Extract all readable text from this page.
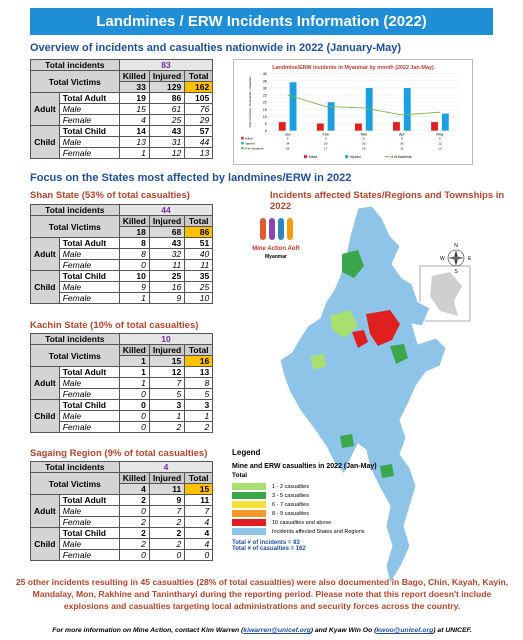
Landmines / ERW Incidents Information (2022)
Overview of incidents and casualties nationwide in 2022 (January-May)
Focus on the States most affected by landmines/ERW in 2022
Incidents affected States/Regions and Townships in 2022
Shan State (53% of total casualties)
Kachin State (10% of total casualties)
Sagaing Region (9% of total casualties)
Total incidents		83		
Total Victims		Killed	Injured	Total
		33	129	162
Adult	Total Adult	19	86	105
	Male	15	61	76
	Female	4	25	29
Child	Total Child	14	43	57
	Male	13	31	44
	Female	1	12	13
Total incidents		44		
Total Victims		Killed	Injured	Total
		18	68	86
Adult	Total Adult	8	43	51
	Male	8	32	40
	Female	0	11	11
Child	Total Child	10	25	35
	Male	9	16	25
	Female	1	9	10
Total incidents		10		
Total Victims		Killed	Injured	Total
		1	15	16
Adult	Total Adult	1	12	13
	Male	1	7	8
	Female	0	5	5
Child	Total Child	0	3	3
	Male	0	1	1
	Female	0	2	2
Total incidents		4		
Total Victims		Killed	Injured	Total
		4	11	15
Adult	Total Adult	2	9	11
	Male	0	7	7
	Female	2	2	4
Child	Total Child	2	2	4
	Male	2	2	4
	Female	0	0	0
Landmine/ERW Incidents in Myanmar by month (2022 Jan-May)
0
5
10
15
20
25
30
35
40
Total of number of incidents / casualties
Jan	Feb	Mar	Apr	May
Killed	6	5	5	6	6
Injured	34	20	30	30	12
# of incidents	25	17	16	11	13
Killed	Injured	# of incidents
N
S
E
W
Mine Action AoR
Myanmar
Legend
Mine and ERW casualties in 2022 (Jan-May)
Total
1 - 2 casualties
3 - 5 casualties
6 - 7 casualties
8 - 9 casualties
10 casualties and above
Incidents affected States and Regions
Total # of incidents = 83
Total # of casualties = 162
25 other incidents resulting in 45 casualties (28% of total casualties) were also documented in Bago, Chin, Kayah, Kayin, Mandalay, Mon, Rakhine and Tanintharyi during the reporting period. Please note that this report doesn't include explosions and casualties targeting local administrations and security forces across the country.
For more information on Mine Action, contact Kim Warren (kiwarren@unicef.org) and Kyaw Win Oo (kwoo@unicef.org) at UNICEF.
